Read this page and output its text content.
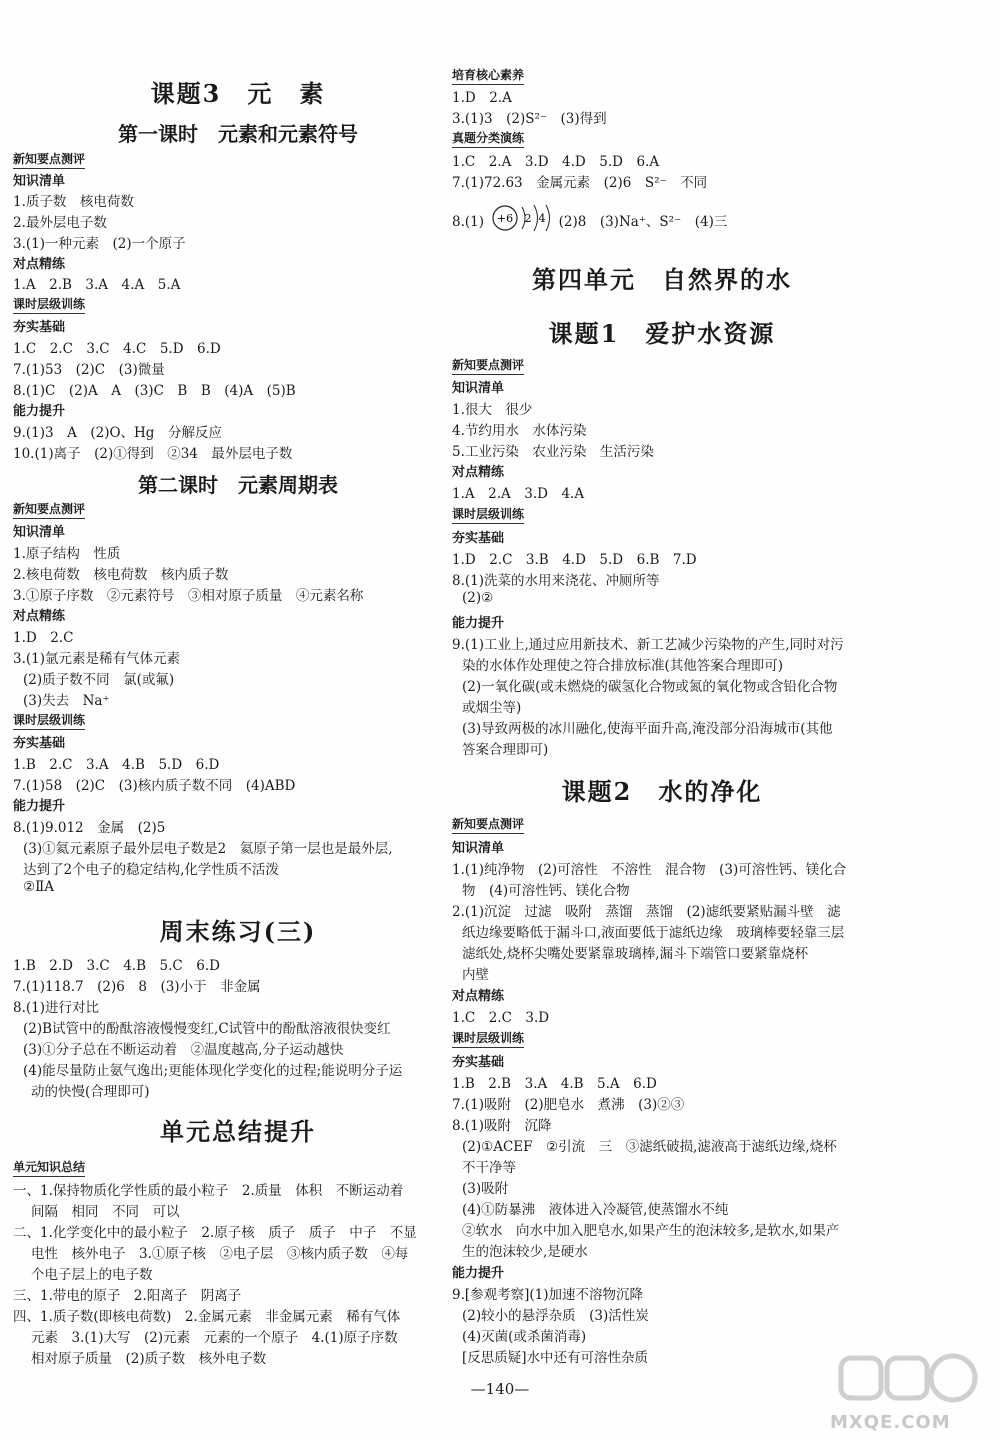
课题3　元　素
第一课时　元素和元素符号
新知要点测评
知识清单
1.质子数　核电荷数
2.最外层电子数
3.(1)一种元素　(2)一个原子
对点精练
1.A　2.B　3.A　4.A　5.A
课时层级训练
夯实基础
1.C　2.C　3.C　4.C　5.D　6.D
7.(1)53　(2)C　(3)微量
8.(1)C　(2)A　A　(3)C　B　B　(4)A　(5)B
能力提升
9.(1)3　A　(2)O、Hg　分解反应
10.(1)离子　(2)①得到　②34　最外层电子数
第二课时　元素周期表
新知要点测评
知识清单
1.原子结构　性质
2.核电荷数　核电荷数　核内质子数
3.①原子序数　②元素符号　③相对原子质量　④元素名称
对点精练
1.D　2.C
3.(1)氩元素是稀有气体元素
(2)质子数不同　氯(或氟)
(3)失去　Na⁺
课时层级训练
夯实基础
1.B　2.C　3.A　4.B　5.D　6.D
7.(1)58　(2)C　(3)核内质子数不同　(4)ABD
能力提升
8.(1)9.012　金属　(2)5
(3)①氦元素原子最外层电子数是2　氦原子第一层也是最外层,
达到了2个电子的稳定结构,化学性质不活泼
②ⅡA
周末练习(三)
1.B　2.D　3.C　4.B　5.C　6.D
7.(1)118.7　(2)6　8　(3)小于　非金属
8.(1)进行对比
(2)B试管中的酚酞溶液慢慢变红,C试管中的酚酞溶液很快变红
(3)①分子总在不断运动着　②温度越高,分子运动越快
(4)能尽量防止氨气逸出;更能体现化学变化的过程;能说明分子运
动的快慢(合理即可)
单元总结提升
单元知识总结
一、1.保持物质化学性质的最小粒子　2.质量　体积　不断运动着
间隔　相同　不同　可以
二、1.化学变化中的最小粒子　2.原子核　质子　质子　中子　不显
电性　核外电子　3.①原子核　②电子层　③核内质子数　④每
个电子层上的电子数
三、1.带电的原子　2.阳离子　阴离子
四、1.质子数(即核电荷数)　2.金属元素　非金属元素　稀有气体
元素　3.(1)大写　(2)元素　元素的一个原子　4.(1)原子序数
相对原子质量　(2)质子数　核外电子数
培育核心素养
1.D　2.A
3.(1)3　(2)S²⁻　(3)得到
真题分类演练
1.C　2.A　3.D　4.D　5.D　6.A
7.(1)72.63　金属元素　(2)6　S²⁻　不同
8.(1) +6 2 4 (2)8　(3)Na⁺、S²⁻　(4)三
第四单元　自然界的水
课题1　爱护水资源
新知要点测评
知识清单
1.很大　很少
4.节约用水　水体污染
5.工业污染　农业污染　生活污染
对点精练
1.A　2.A　3.D　4.A
课时层级训练
夯实基础
1.D　2.C　3.B　4.D　5.D　6.B　7.D
8.(1)洗菜的水用来浇花、冲厕所等
(2)②
能力提升
9.(1)工业上,通过应用新技术、新工艺减少污染物的产生,同时对污
染的水体作处理使之符合排放标准(其他答案合理即可)
(2)一氧化碳(或未燃烧的碳氢化合物或氮的氧化物或含铅化合物
或烟尘等)
(3)导致两极的冰川融化,使海平面升高,淹没部分沿海城市(其他
答案合理即可)
课题2　水的净化
新知要点测评
知识清单
1.(1)纯净物　(2)可溶性　不溶性　混合物　(3)可溶性钙、镁化合
物　(4)可溶性钙、镁化合物
2.(1)沉淀　过滤　吸附　蒸馏　蒸馏　(2)滤纸要紧贴漏斗壁　滤
纸边缘要略低于漏斗口,液面要低于滤纸边缘　玻璃棒要轻靠三层
滤纸处,烧杯尖嘴处要紧靠玻璃棒,漏斗下端管口要紧靠烧杯
内壁
对点精练
1.C　2.C　3.D
课时层级训练
夯实基础
1.B　2.B　3.A　4.B　5.A　6.D
7.(1)吸附　(2)肥皂水　煮沸　(3)②③
8.(1)吸附　沉降
(2)①ACEF　②引流　三　③滤纸破损,滤液高于滤纸边缘,烧杯
不干净等
(3)吸附
(4)①防暴沸　液体进入冷凝管,使蒸馏水不纯
②软水　向水中加入肥皂水,如果产生的泡沫较多,是软水,如果产
生的泡沫较少,是硬水
能力提升
9.[参观考察](1)加速不溶物沉降
(2)较小的悬浮杂质　(3)活性炭
(4)灭菌(或杀菌消毒)
[反思质疑]水中还有可溶性杂质
—140—
MXQE.COM
